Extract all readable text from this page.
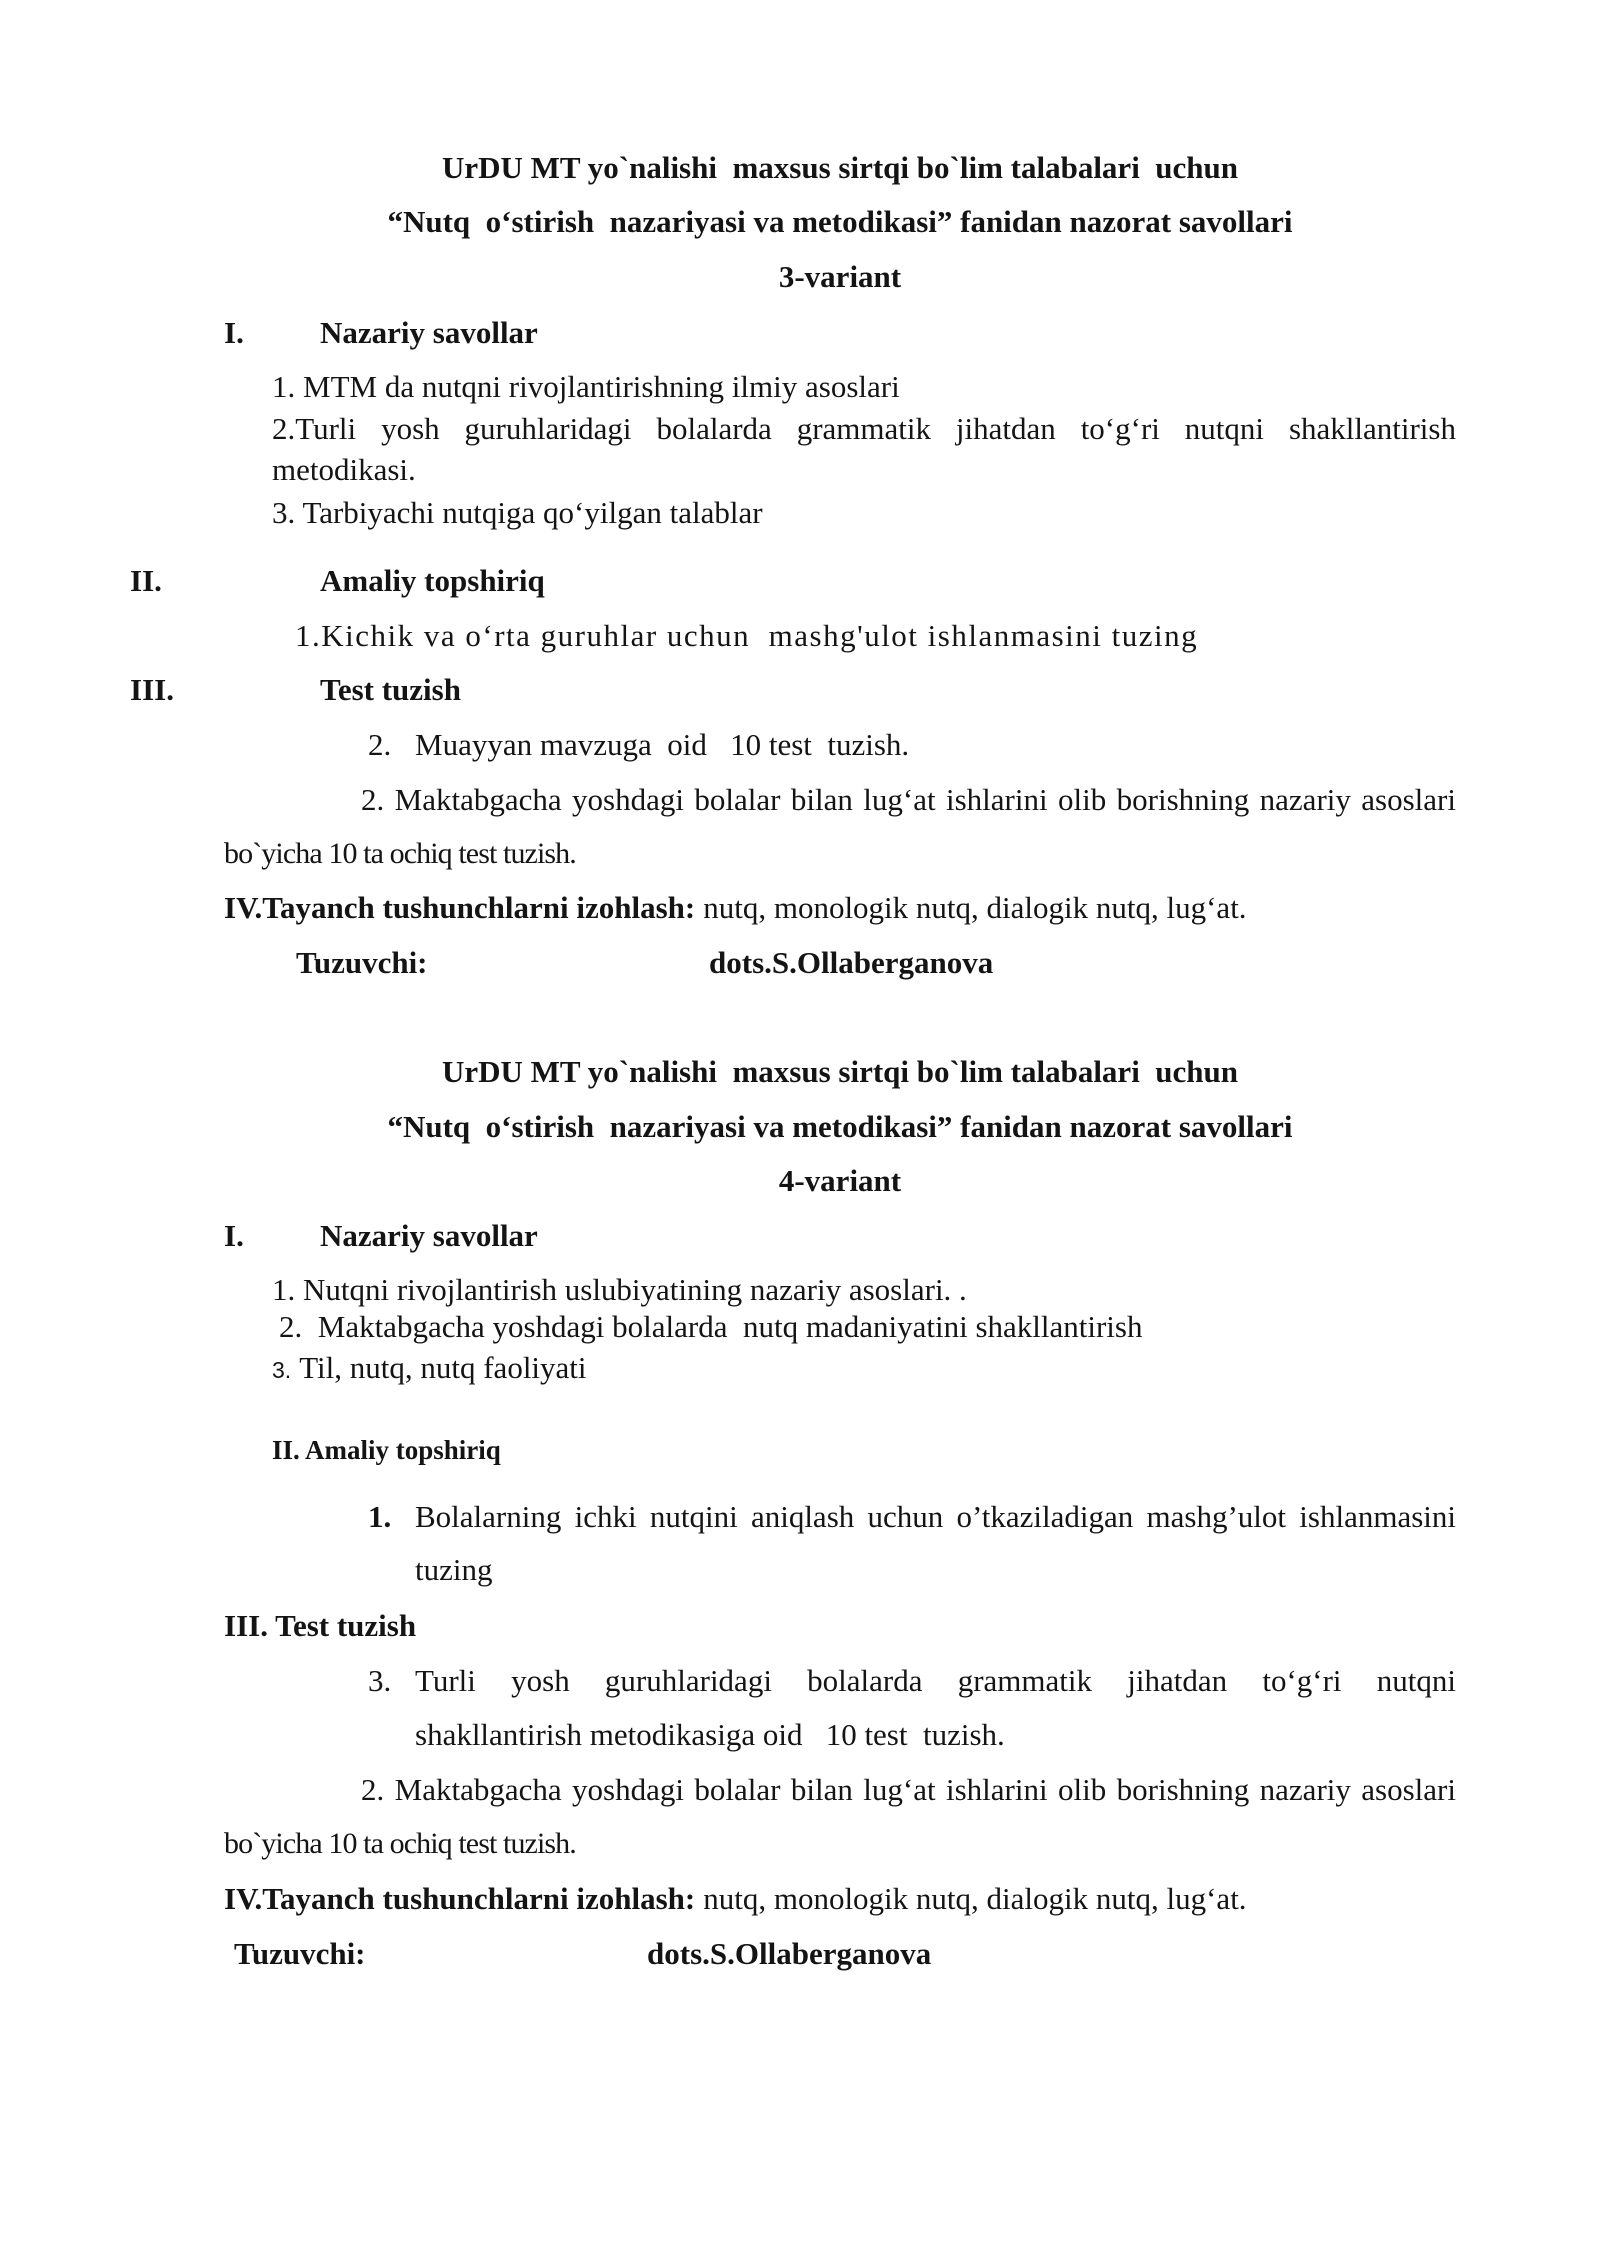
UrDU MT yo`nalishi  maxsus sirtqi bo`lim talabalari  uchun
“Nutq  o‘stirish  nazariyasi va metodikasi” fanidan nazorat savollari
3-variant
I. Nazariy savollar
1. MTM da nutqni rivojlantirishning ilmiy asoslari
2.Turli yosh guruhlaridagi bolalarda grammatik jihatdan to‘g‘ri nutqni shakllantirish
metodikasi.
3. Tarbiyachi nutqiga qo‘yilgan talablar
II.	Amaliy topshiriq
1.Kichik va o‘rta guruhlar uchun  mashg'ulot ishlanmasini tuzing
III.	Test tuzish
2. Muayyan mavzuga  oid   10 test  tuzish.
2. Maktabgacha yoshdagi bolalar bilan lug‘at ishlarini olib borishning nazariy asoslari
bo`yicha 10 ta ochiq test tuzish.
IV.Tayanch tushunchlarni izohlash: nutq, monologik nutq, dialogik nutq, lug‘at.
Tuzuvchi:	dots.S.Ollaberganova
UrDU MT yo`nalishi  maxsus sirtqi bo`lim talabalari  uchun
“Nutq  o‘stirish  nazariyasi va metodikasi” fanidan nazorat savollari
4-variant
I. Nazariy savollar
1. Nutqni rivojlantirish uslubiyatining nazariy asoslari. .
2.  Maktabgacha yoshdagi bolalarda  nutq madaniyatini shakllantirish
3. Til, nutq, nutq faoliyati
II. Amaliy topshiriq
1. Bolalarning ichki nutqini aniqlash uchun o’tkaziladigan mashg’ulot ishlanmasini
tuzing
III. Test tuzish
3. Turli yosh guruhlaridagi bolalarda grammatik jihatdan to‘g‘ri nutqni
shakllantirish metodikasiga oid   10 test  tuzish.
2. Maktabgacha yoshdagi bolalar bilan lug‘at ishlarini olib borishning nazariy asoslari
bo`yicha 10 ta ochiq test tuzish.
IV.Tayanch tushunchlarni izohlash: nutq, monologik nutq, dialogik nutq, lug‘at.
Tuzuvchi:	dots.S.Ollaberganova
